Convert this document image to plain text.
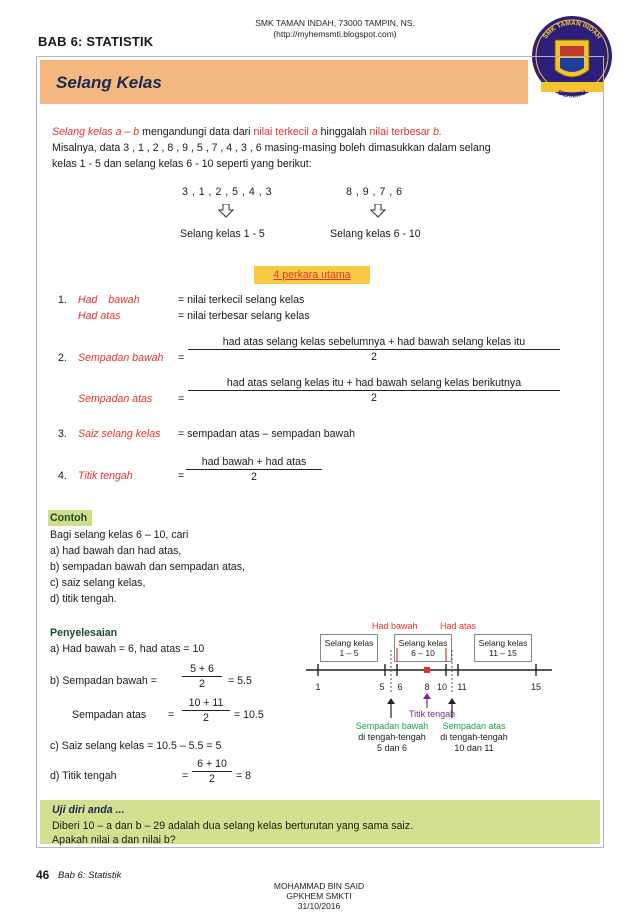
SMK TAMAN INDAH, 73000 TAMPIN, NS.
(http://myhemsmti.blogspot.com)
BAB 6: STATISTIK	SMK TAMAN INDAH
BERILMU
Selang Kelas
Selang kelas a – b mengandungi data dari nilai terkecil a hinggalah nilai terbesar b.
Misalnya, data 3 , 1 , 2 , 8 , 9 , 5 , 7 , 4 , 3 , 6 masing-masing boleh dimasukkan dalam selang
kelas 1 - 5 dan selang kelas 6 - 10 seperti yang berikut:
3 , 1 , 2 , 5 , 4 , 3	8 , 9 , 7 , 6
Selang kelas 1 - 5	Selang kelas 6 - 10
4 perkara utama
1. Had bawah	= nilai terkecil selang kelas
Had atas	= nilai terbesar selang kelas
2. Sempadan bawah =
had atas selang kelas sebelumnya + had bawah selang kelas itu
2
Sempadan atas =
had atas selang kelas itu + had bawah selang kelas berikutnya
2
3. Saiz selang kelas = sempadan atas – sempadan bawah
4. Titik tengah	=
had bawah + had atas
2
Contoh
Bagi selang kelas 6 – 10, cari
a) had bawah dan had atas,
b) sempadan bawah dan sempadan atas,
c) saiz selang kelas,
d) titik tengah.
Penyelesaian
a) Had bawah = 6, had atas = 10
b) Sempadan bawah = $\frac{5 + 6}{2} = 5.5$
Sempadan atas = $\frac{10 + 11}{2} = 10.5$
c) Saiz selang kelas = 10.5 – 5.5 = 5
d) Titik tengah	= $\frac{6 + 10}{2} = 8$
Had bawah Had atas
Selang kelas
1 – 5
Selang kelas
6 – 10
Selang kelas
11 – 15
1	5 6 8 10 11	15
Titik tengah
Sempadan bawah
di tengah-tengah
5 dan 6
Sempadan atas
di tengah-tengah
10 dan 11
Uji diri anda ...
Diberi 10 – a dan b – 29 adalah dua selang kelas berturutan yang sama saiz.
Apakah nilai a dan nilai b?
46 Bab 6: Statistik
MOHAMMAD BIN SAID
GPKHEM SMKTI
31/10/2016
